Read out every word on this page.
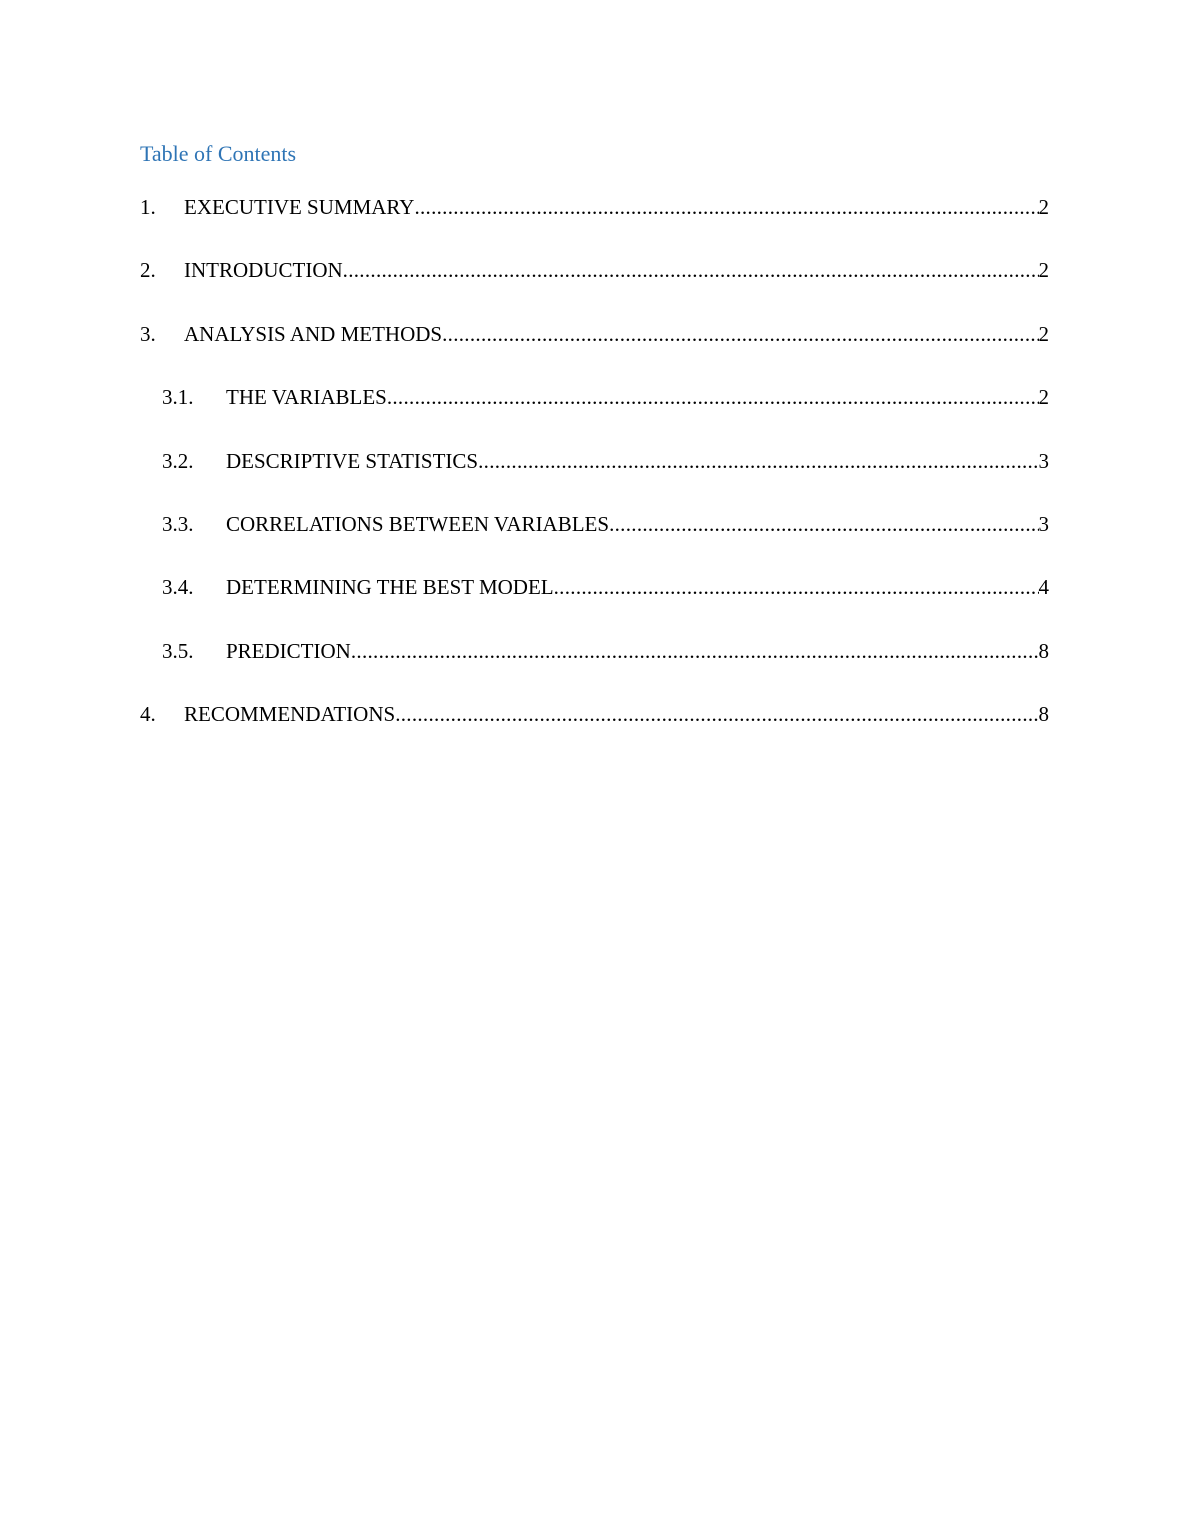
Table of Contents
1.	EXECUTIVE SUMMARY .....	2
2.	INTRODUCTION .....	2
3.	ANALYSIS AND METHODS .....	2
3.1.	THE VARIABLES .....	2
3.2.	DESCRIPTIVE STATISTICS .....	3
3.3.	CORRELATIONS BETWEEN VARIABLES .....	3
3.4.	DETERMINING THE BEST MODEL .....	4
3.5.	PREDICTION .....	8
4.	RECOMMENDATIONS .....	8
